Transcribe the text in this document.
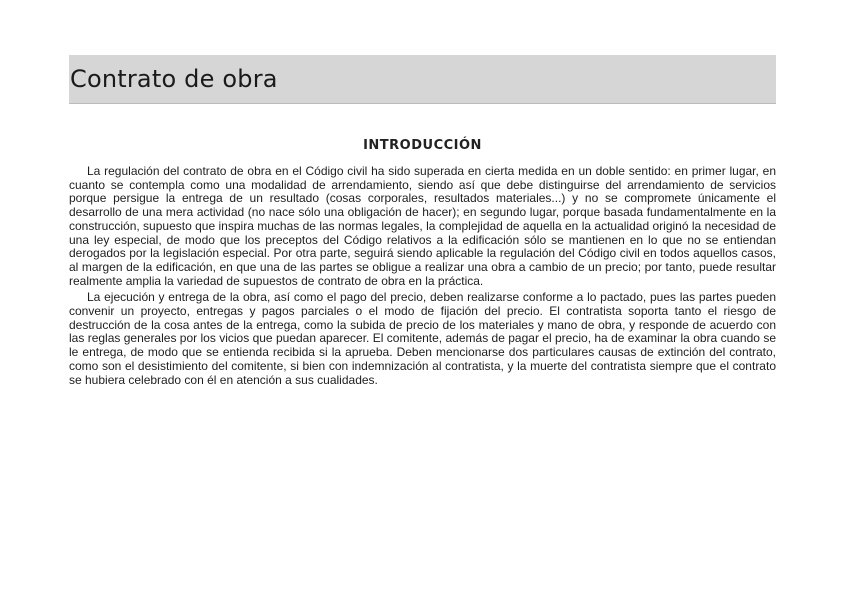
Contrato de obra
INTRODUCCIÓN

La regulación del contrato de obra en el Código civil ha sido superada en cierta medida en un doble sentido: en primer lugar, en cuanto se contempla como una modalidad de arrendamiento, siendo así que debe distinguirse del arrendamiento de servicios porque persigue la entrega de un resultado (cosas corporales, resultados materiales...) y no se compromete únicamente el desarrollo de una mera actividad (no nace sólo una obligación de hacer); en segundo lugar, porque basada fundamentalmente en la construcción, supuesto que inspira muchas de las normas legales, la complejidad de aquella en la actualidad originó la necesidad de una ley especial, de modo que los preceptos del Código relativos a la edificación sólo se mantienen en lo que no se entiendan derogados por la legislación especial. Por otra parte, seguirá siendo aplicable la regulación del Código civil en todos aquellos casos, al margen de la edificación, en que una de las partes se obligue a realizar una obra a cambio de un precio; por tanto, puede resultar realmente amplia la variedad de supuestos de contrato de obra en la práctica.

La ejecución y entrega de la obra, así como el pago del precio, deben realizarse conforme a lo pactado, pues las partes pueden convenir un proyecto, entregas y pagos parciales o el modo de fijación del precio. El contratista soporta tanto el riesgo de destrucción de la cosa antes de la entrega, como la subida de precio de los materiales y mano de obra, y responde de acuerdo con las reglas generales por los vicios que puedan aparecer. El comitente, además de pagar el precio, ha de examinar la obra cuando se le entrega, de modo que se entienda recibida si la aprueba. Deben mencionarse dos particulares causas de extinción del contrato, como son el desistimiento del comitente, si bien con indemnización al contratista, y la muerte del contratista siempre que el contrato se hubiera celebrado con él en atención a sus cualidades.
